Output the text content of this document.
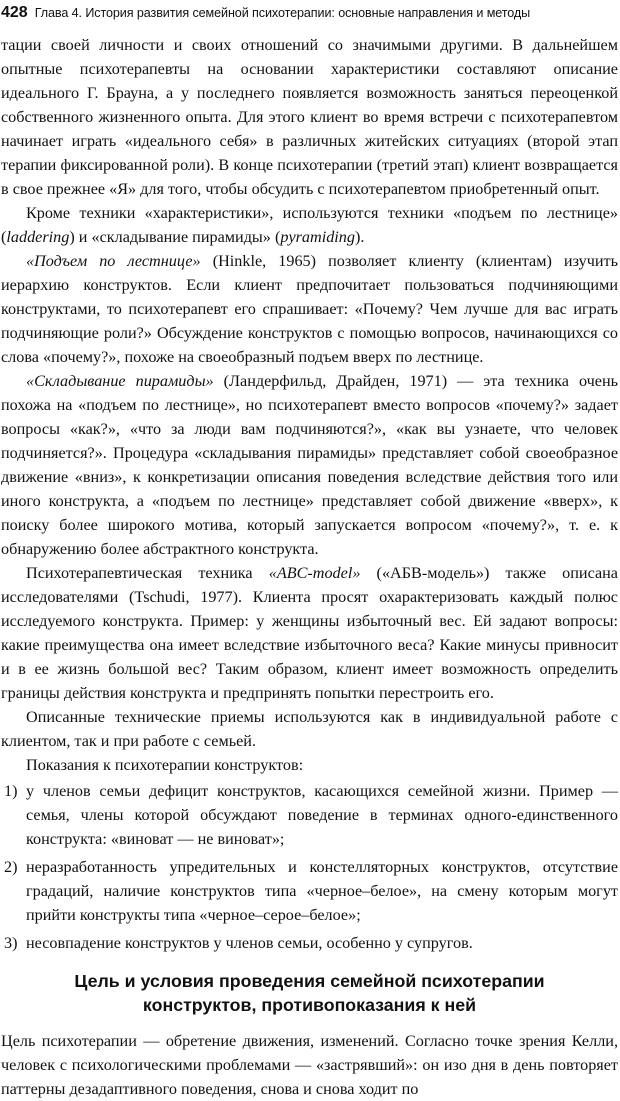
428 Глава 4. История развития семейной психотерапии: основные направления и методы

тации своей личности и своих отношений со значимыми другими. В дальнейшем опытные психотерапевты на основании характеристики составляют описание идеального Г. Брауна, а у последнего появляется возможность заняться переоценкой собственного жизненного опыта. Для этого клиент во время встречи с психотерапевтом начинает играть «идеального себя» в различных житейских ситуациях (второй этап терапии фиксированной роли). В конце психотерапии (третий этап) клиент возвращается в свое прежнее «Я» для того, чтобы обсудить с психотерапевтом приобретенный опыт.

Кроме техники «характеристики», используются техники «подъем по лестнице» (laddering) и «складывание пирамиды» (pyramiding).

«Подъем по лестнице» (Hinkle, 1965) позволяет клиенту (клиентам) изучить иерархию конструктов. Если клиент предпочитает пользоваться подчиняющими конструктами, то психотерапевт его спрашивает: «Почему? Чем лучше для вас играть подчиняющие роли?» Обсуждение конструктов с помощью вопросов, начинающихся со слова «почему?», похоже на своеобразный подъем вверх по лестнице.

«Складывание пирамиды» (Ландерфильд, Драйден, 1971) — эта техника очень похожа на «подъем по лестнице», но психотерапевт вместо вопросов «почему?» задает вопросы «как?», «что за люди вам подчиняются?», «как вы узнаете, что человек подчиняется?». Процедура «складывания пирамиды» представляет собой своеобразное движение «вниз», к конкретизации описания поведения вследствие действия того или иного конструкта, а «подъем по лестнице» представляет собой движение «вверх», к поиску более широкого мотива, который запускается вопросом «почему?», т. е. к обнаружению более абстрактного конструкта.

Психотерапевтическая техника «ABC-model» («АБВ-модель») также описана исследователями (Tschudi, 1977). Клиента просят охарактеризовать каждый полюс исследуемого конструкта. Пример: у женщины избыточный вес. Ей задают вопросы: какие преимущества она имеет вследствие избыточного веса? Какие минусы привносит и в ее жизнь большой вес? Таким образом, клиент имеет возможность определить границы действия конструкта и предпринять попытки перестроить его.

Описанные технические приемы используются как в индивидуальной работе с клиентом, так и при работе с семьей.

Показания к психотерапии конструктов:

1) у членов семьи дефицит конструктов, касающихся семейной жизни. Пример — семья, члены которой обсуждают поведение в терминах одного-единственного конструкта: «виноват — не виноват»;
2) неразработанность упредительных и констелляторных конструктов, отсутствие градаций, наличие конструктов типа «черное–белое», на смену которым могут прийти конструкты типа «черное–серое–белое»;
3) несовпадение конструктов у членов семьи, особенно у супругов.
Цель и условия проведения семейной психотерапии
конструктов, противопоказания к ней

Цель психотерапии — обретение движения, изменений. Согласно точке зрения Келли, человек с психологическими проблемами — «застрявший»: он изо дня в день повторяет паттерны дезадаптивного поведения, снова и снова ходит по
